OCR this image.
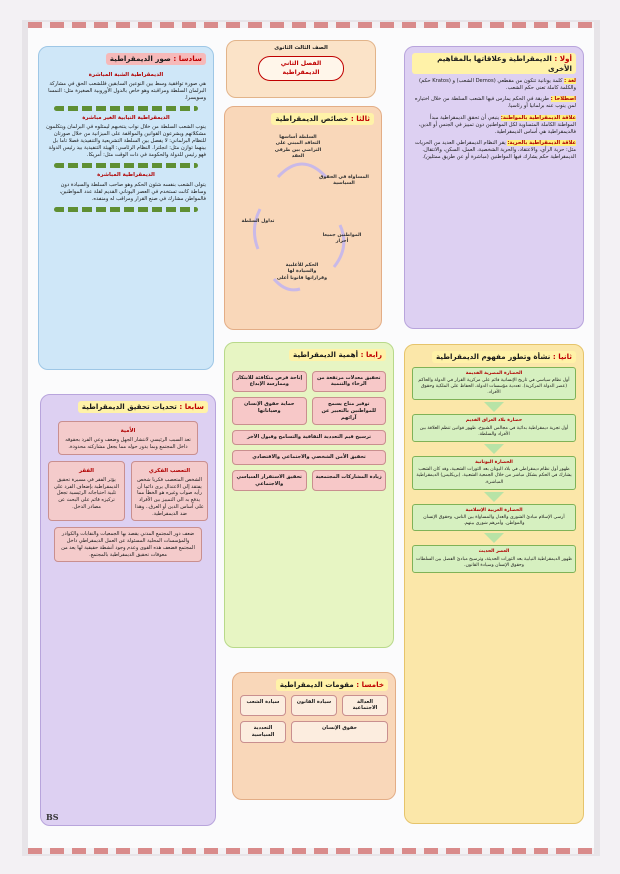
أولا : الديمقراطية وعلاقاتها بالمفاهيم الأخرى
لغة : كلمة يونانية تتكون من مقطعي (Demos الشعب) و (Kratos حكم) والكلمة كاملة تعنى حكم الشعب.
اصطلاحا : طريقة في الحكم يمارس فيها الشعب السلطة من خلال اختياره لمن ينوب عنه برلمانيا أو رئاسيا.
علاقة الديمقراطية بالمواطنة: ينبغي أن تحقق الديمقراطية مبدأ المواطنة الكاملة المتساوية لكل المواطنين دون تمييز في الجنس أو الدين، فالديمقراطية هي أساس الديمقراطية.
علاقة الديمقراطية بالحرية: يقر النظام الديمقراطي العديد من الحريات مثل: حرية الرأي، والاعتقاد، والحرية الشخصية، العمل، السكن، والانتقال. الديمقراطية حكم يشارك فيها المواطنين (مباشرة أو عن طريق ممثلين).
الصف الثالث الثانوى
الفصل الثاني
الديمقراطية
ثالثا : خصائص الديمقراطية
السلطة أساسها التعاقد المبني على التراضي بين طرفي العقد
المساواة في الحقوق السياسية
المواطنين جميعا أحرار
الحكم للأغلبية والسيادة لها وقراراتها قانونا أعلى
تداول السلطة
سادسا : صور الديمقراطية
الديمقراطية الشبة المباشرة
هي صورة توافقية وسط بين النوعين السابقين فللشعب الحق في مشاركة البرلمان السلطة ومراقبته وهو خاص بالدول الأوروبية الصغيرة مثل: النمسا وسويسرا.
الديمقراطية النيابية الغير مباشرة
ينوب الشعب السلطة من خلال نواب ينتخبهم ليمثلوه في البرلمان ويتكلمون مشكلاتهم ويشرعون القوانين والمواقفة على الميزانية من خلال صورتان للنظام البرلماني: لا يفصل بين السلطة التشريعية والتنفيذية فصلا تاما بل بينهما توازن مثل: انجلترا. النظام الرئاسي: الهيئة التنفيذية بيد رئيس الدولة فهو رئيس للدولة والحكومة في ذات الوقت مثل: أمريكا.
الديمقراطية المباشرة
يتولى الشعب بنفسه شئون الحكم وهو صاحب السلطة والسيادة دون وساطة كانت تستخدم في العصر اليوناني القديم لقلة عدد المواطنين، فالمواطن مشارك في صنع القرار ومراقب له ومنفذه.
رابعا : أهمية الديمقراطية
تحقيق معدلات مرتفعة من الرخاء والتنمية
إتاحة فرص متكافئة للابتكار وممارسة الإبداع
توفير مناخ يسمح للمواطنين بالتعبير عن آرائهم
حماية حقوق الإنسان وصياناتها
ترسيخ قيم التعددية الثقافية والتسامح وقبول الآخر
تحقيق الأمن الشخصي والاجتماعي والاقتصادي
زيادة المشاركات المجتمعية
تحقيق الاستقرار السياسي والاجتماعي
ثانيا : نشأة وتطور مفهوم الديمقراطية
الحضارة المصرية القديمة
أول نظام سياسي في تاريخ الإنسانية قائم على مركزية القرار في الدولة والحاكم (عصر الدولة المركزية). تعددية مؤسسات الدولة، الحفاظ على الملكية وحقوق الأفراد.
حضارة بلاد العراق القديم
أول تجربة ديمقراطية بدائية في مجالس الشيوخ، ظهور قوانين تنظم العلاقة بين الأفراد والسلطة.
الحضارة اليونانية
ظهور أول نظام ديمقراطي في بلاد اليونان بعد الثورات الشعبية، وقد كان الشعب يشارك في الحكم بشكل مباشر من خلال الجمعية الشعبية. (بريكليس) الديمقراطية المباشرة.
الحضارة العربية الإسلامية
أرسى الإسلام مبادئ الشورى والعدل والمساواة بين الناس، وحقوق الإنسان والمواطن. وأمرهم شورى بينهم.
العصر الحديث
ظهور الديمقراطية النيابية بعد الثورات الحديثة، وترسيخ مبادئ الفصل بين السلطات وحقوق الإنسان وسيادة القانون.
سابعا : تحديات تحقيق الديمقراطية
الأمية
تعد السبب الرئيسي لانتشار الجهل وضعف وعي الفرد بحقوقه داخل المجتمع وبما يدور حوله مما يجعل مشاركته محدودة.
التعصب الفكري
الشخص المتعصب فكريا شخص يفتقد إلى الاعتدال يرى دائما أن رأيه صواب وغيره هو الخطأ مما يدفع به الى التمييز بين الأفراد على أساس الدين أو العرق.. وهذا ضد الديمقراطية.
الفقر
يؤثر الفقر في مسيرة تحقيق الديمقراطية بإضعاف الفرد على تلبية احتياجاته الرئيسية تجعل تركيزه قائم على البحث عن مصادر الدخل.
ضعف دور المجتمع المدني يقصد بها الجمعيات والنقابات والكوادر والمؤسسات المحلية المسئولة عن العمل الديمقراطي داخل المجتمع فضعف هذه القوى وعدم وجود أنشطة حقيقية لها يعد من معوقات تحقيق الديمقراطية بالمجتمع.
خامسا : مقومات الديمقراطية
العدالة الاجتماعية
سيادة القانون
سيادة الشعب
حقوق الإنسان
التعددية السياسية
BS
